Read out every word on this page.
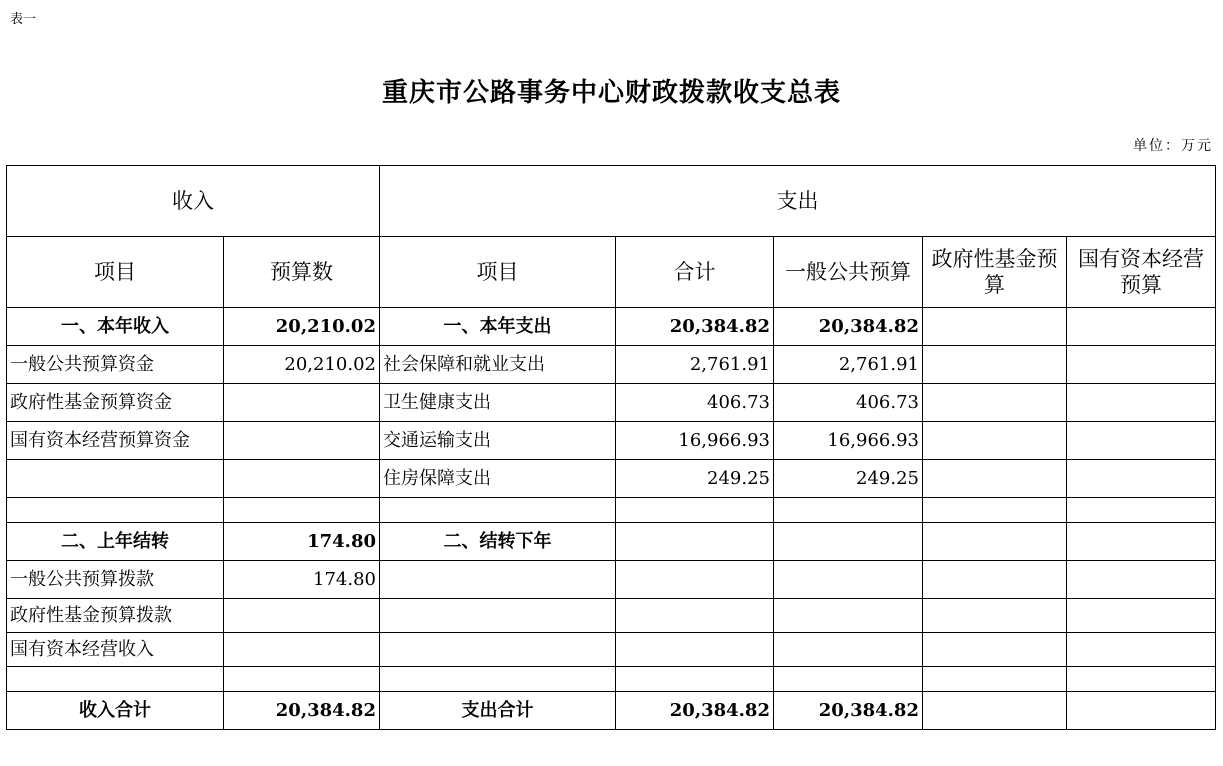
表一
重庆市公路事务中心财政拨款收支总表
单位：万元
收入		支出				
项目	预算数	项目	合计	一般公共预算	政府性基金预算	国有资本经营预算
一、本年收入	20,210.02	一、本年支出	20,384.82	20,384.82		
一般公共预算资金	20,210.02	社会保障和就业支出	2,761.91	2,761.91		
政府性基金预算资金		卫生健康支出	406.73	406.73		
国有资本经营预算资金		交通运输支出	16,966.93	16,966.93		
		住房保障支出	249.25	249.25		

二、上年结转	174.80	二、结转下年				
一般公共预算拨款	174.80					
政府性基金预算拨款						
国有资本经营收入						

收入合计	20,384.82	支出合计	20,384.82	20,384.82		
